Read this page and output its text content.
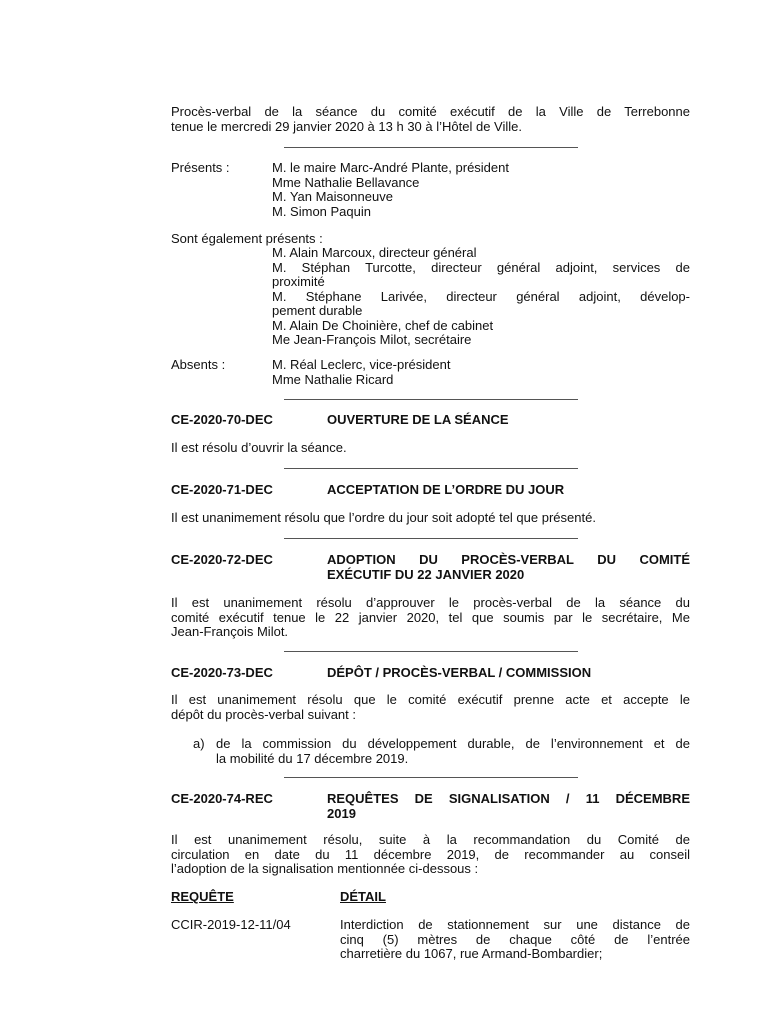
Procès-verbal de la séance du comité exécutif de la Ville de Terrebonne
tenue le mercredi 29 janvier 2020 à 13 h 30 à l’Hôtel de Ville.
Présents :	M. le maire Marc-André Plante, président
Mme Nathalie Bellavance
M. Yan Maisonneuve
M. Simon Paquin
Sont également présents :
M. Alain Marcoux, directeur général
M. Stéphan Turcotte, directeur général adjoint, services de
proximité
M. Stéphane Larivée, directeur général adjoint, dévelop-
pement durable
M. Alain De Choinière, chef de cabinet
Me Jean-François Milot, secrétaire
Absents :	M. Réal Leclerc, vice-président
Mme Nathalie Ricard
CE-2020-70-DEC	OUVERTURE DE LA SÉANCE
Il est résolu d’ouvrir la séance.
CE-2020-71-DEC	ACCEPTATION DE L’ORDRE DU JOUR
Il est unanimement résolu que l’ordre du jour soit adopté tel que présenté.
CE-2020-72-DEC	ADOPTION DU PROCÈS-VERBAL DU COMITÉ
EXÉCUTIF DU 22 JANVIER 2020
Il est unanimement résolu d’approuver le procès-verbal de la séance du
comité exécutif tenue le 22 janvier 2020, tel que soumis par le secrétaire, Me
Jean-François Milot.
CE-2020-73-DEC	DÉPÔT / PROCÈS-VERBAL / COMMISSION
Il est unanimement résolu que le comité exécutif prenne acte et accepte le
dépôt du procès-verbal suivant :
a) de la commission du développement durable, de l’environnement et de
la mobilité du 17 décembre 2019.
CE-2020-74-REC	REQUÊTES DE SIGNALISATION / 11 DÉCEMBRE
2019
Il est unanimement résolu, suite à la recommandation du Comité de
circulation en date du 11 décembre 2019, de recommander au conseil
l’adoption de la signalisation mentionnée ci-dessous :
REQUÊTE	DÉTAIL
CCIR-2019-12-11/04	Interdiction de stationnement sur une distance de
cinq (5) mètres de chaque côté de l’entrée
charretière du 1067, rue Armand-Bombardier;
